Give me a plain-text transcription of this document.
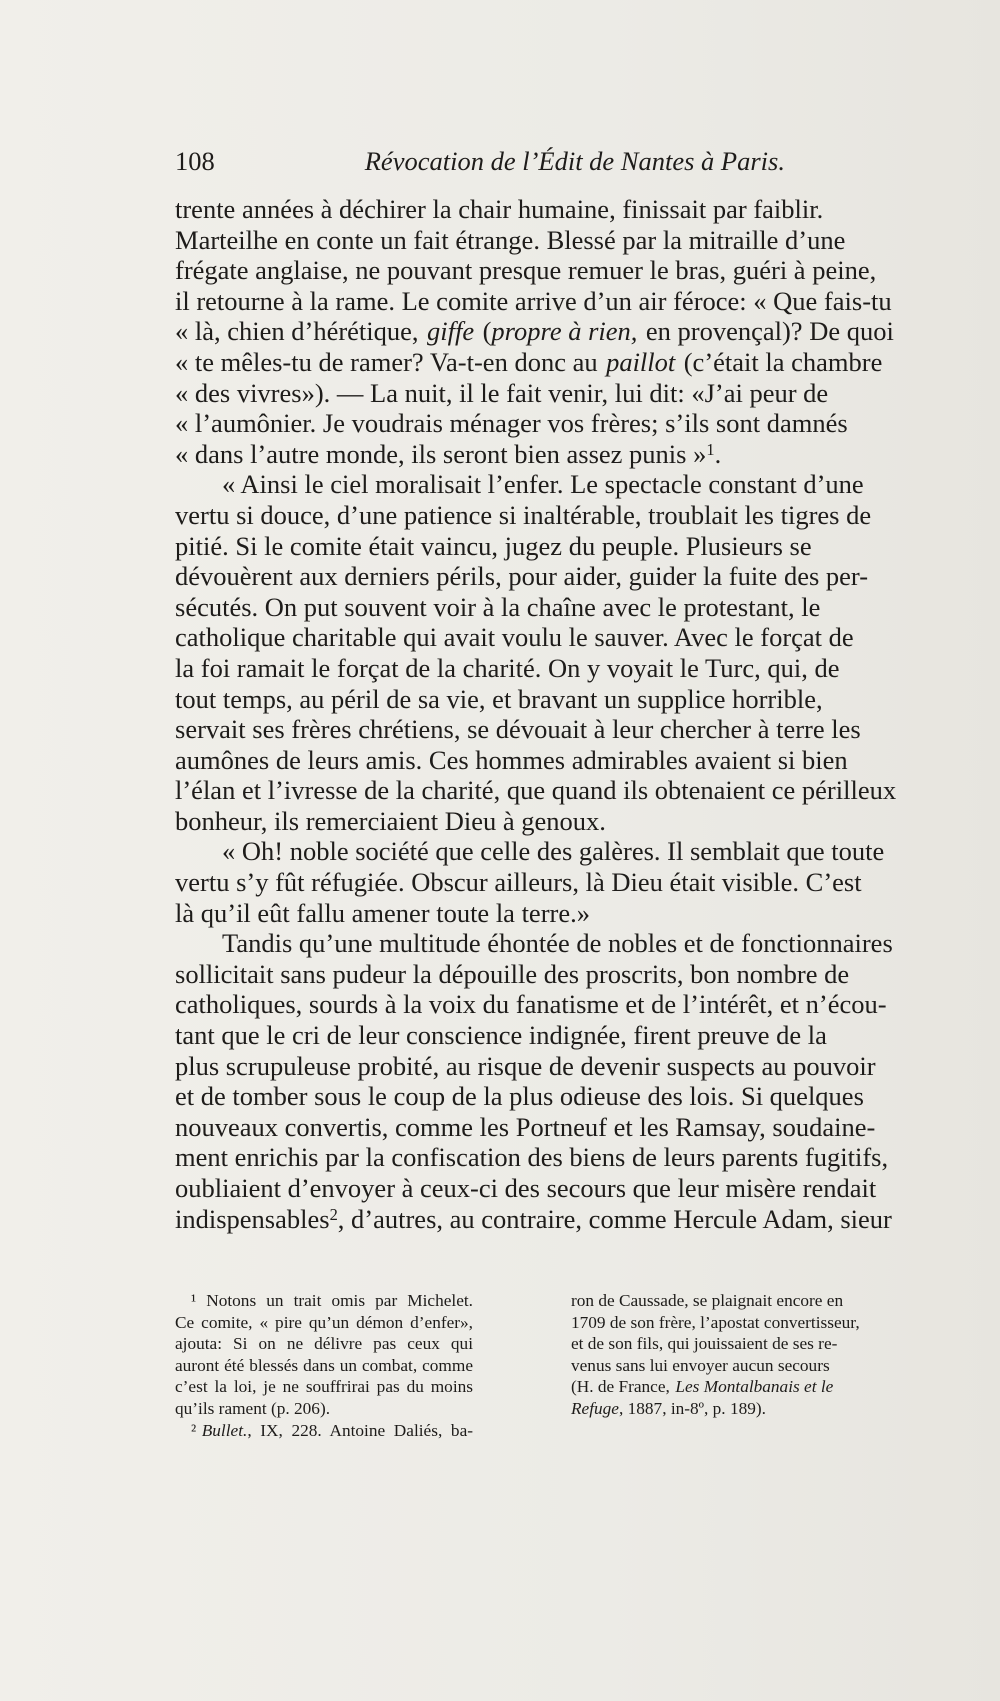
108	Révocation de l’Édit de Nantes à Paris.
trente années à déchirer la chair humaine, finissait par faiblir.
Marteilhe en conte un fait étrange. Blessé par la mitraille d’une
frégate anglaise, ne pouvant presque remuer le bras, guéri à peine,
il retourne à la rame. Le comite arrive d’un air féroce: « Que fais-tu
« là, chien d’hérétique, giffe (propre à rien, en provençal)? De quoi
« te mêles-tu de ramer? Va-t-en donc au paillot (c’était la chambre
« des vivres»). — La nuit, il le fait venir, lui dit: «J’ai peur de
« l’aumônier. Je voudrais ménager vos frères; s’ils sont damnés
« dans l’autre monde, ils seront bien assez punis »$^1$.
« Ainsi le ciel moralisait l’enfer. Le spectacle constant d’une
vertu si douce, d’une patience si inaltérable, troublait les tigres de
pitié. Si le comite était vaincu, jugez du peuple. Plusieurs se
dévouèrent aux derniers périls, pour aider, guider la fuite des per-
sécutés. On put souvent voir à la chaîne avec le protestant, le
catholique charitable qui avait voulu le sauver. Avec le forçat de
la foi ramait le forçat de la charité. On y voyait le Turc, qui, de
tout temps, au péril de sa vie, et bravant un supplice horrible,
servait ses frères chrétiens, se dévouait à leur chercher à terre les
aumônes de leurs amis. Ces hommes admirables avaient si bien
l’élan et l’ivresse de la charité, que quand ils obtenaient ce périlleux
bonheur, ils remerciaient Dieu à genoux.
« Oh! noble société que celle des galères. Il semblait que toute
vertu s’y fût réfugiée. Obscur ailleurs, là Dieu était visible. C’est
là qu’il eût fallu amener toute la terre.»
Tandis qu’une multitude éhontée de nobles et de fonctionnaires
sollicitait sans pudeur la dépouille des proscrits, bon nombre de
catholiques, sourds à la voix du fanatisme et de l’intérêt, et n’écou-
tant que le cri de leur conscience indignée, firent preuve de la
plus scrupuleuse probité, au risque de devenir suspects au pouvoir
et de tomber sous le coup de la plus odieuse des lois. Si quelques
nouveaux convertis, comme les Portneuf et les Ramsay, soudaine-
ment enrichis par la confiscation des biens de leurs parents fugitifs,
oubliaient d’envoyer à ceux-ci des secours que leur misère rendait
indispensables$^2$, d’autres, au contraire, comme Hercule Adam, sieur
¹ Notons un trait omis par Michelet.
Ce comite, « pire qu’un démon d’enfer»,
ajouta: Si on ne délivre pas ceux qui
auront été blessés dans un combat, comme
c’est la loi, je ne souffrirai pas du moins
qu’ils rament (p. 206).
² Bullet., IX, 228. Antoine Daliés, ba-
ron de Caussade, se plaignait encore en
1709 de son frère, l’apostat convertisseur,
et de son fils, qui jouissaient de ses re-
venus sans lui envoyer aucun secours
(H. de France, Les Montalbanais et le
Refuge, 1887, in-8º, p. 189).
